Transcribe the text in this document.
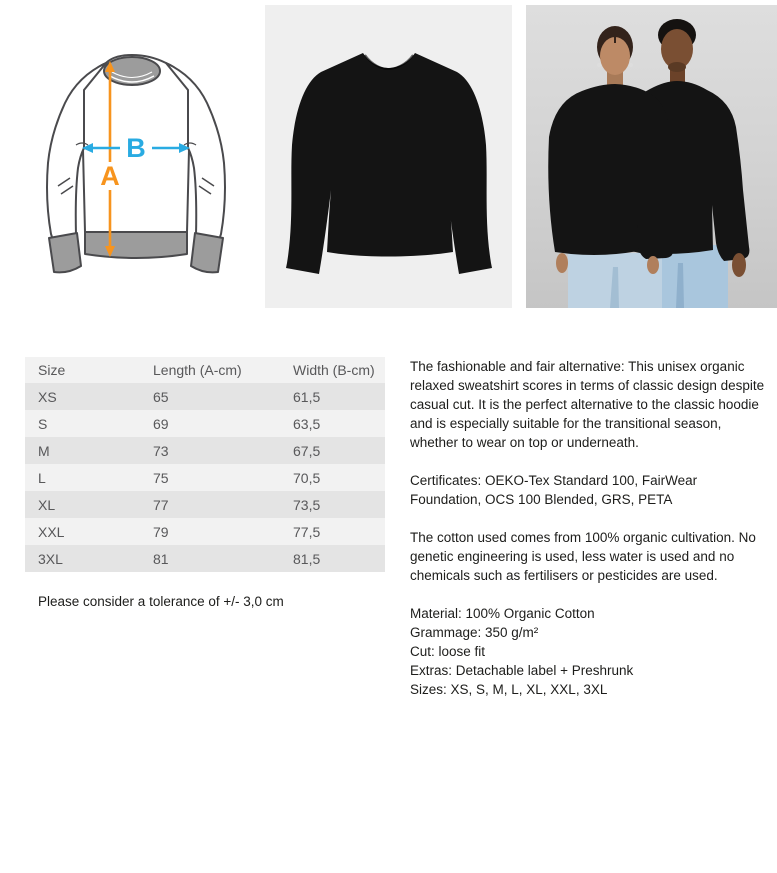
A
B
Size	Length (A-cm)	Width (B-cm)
XS	65	61,5
S	69	63,5
M	73	67,5
L	75	70,5
XL	77	73,5
XXL	79	77,5
3XL	81	81,5
Please consider a tolerance of +/- 3,0 cm

The fashionable and fair alternative: This unisex organic relaxed sweatshirt scores in terms of classic design despite casual cut. It is the perfect alternative to the classic hoodie and is especially suitable for the transitional season, whether to wear on top or underneath.

Certificates: OEKO-Tex Standard 100, FairWear Foundation, OCS 100 Blended, GRS, PETA

The cotton used comes from 100% organic cultivation. No genetic engineering is used, less water is used and no chemicals such as fertilisers or pesticides are used.

Material: 100% Organic Cotton
Grammage: 350 g/m²
Cut: loose fit
Extras: Detachable label + Preshrunk
Sizes: XS, S, M, L, XL, XXL, 3XL
